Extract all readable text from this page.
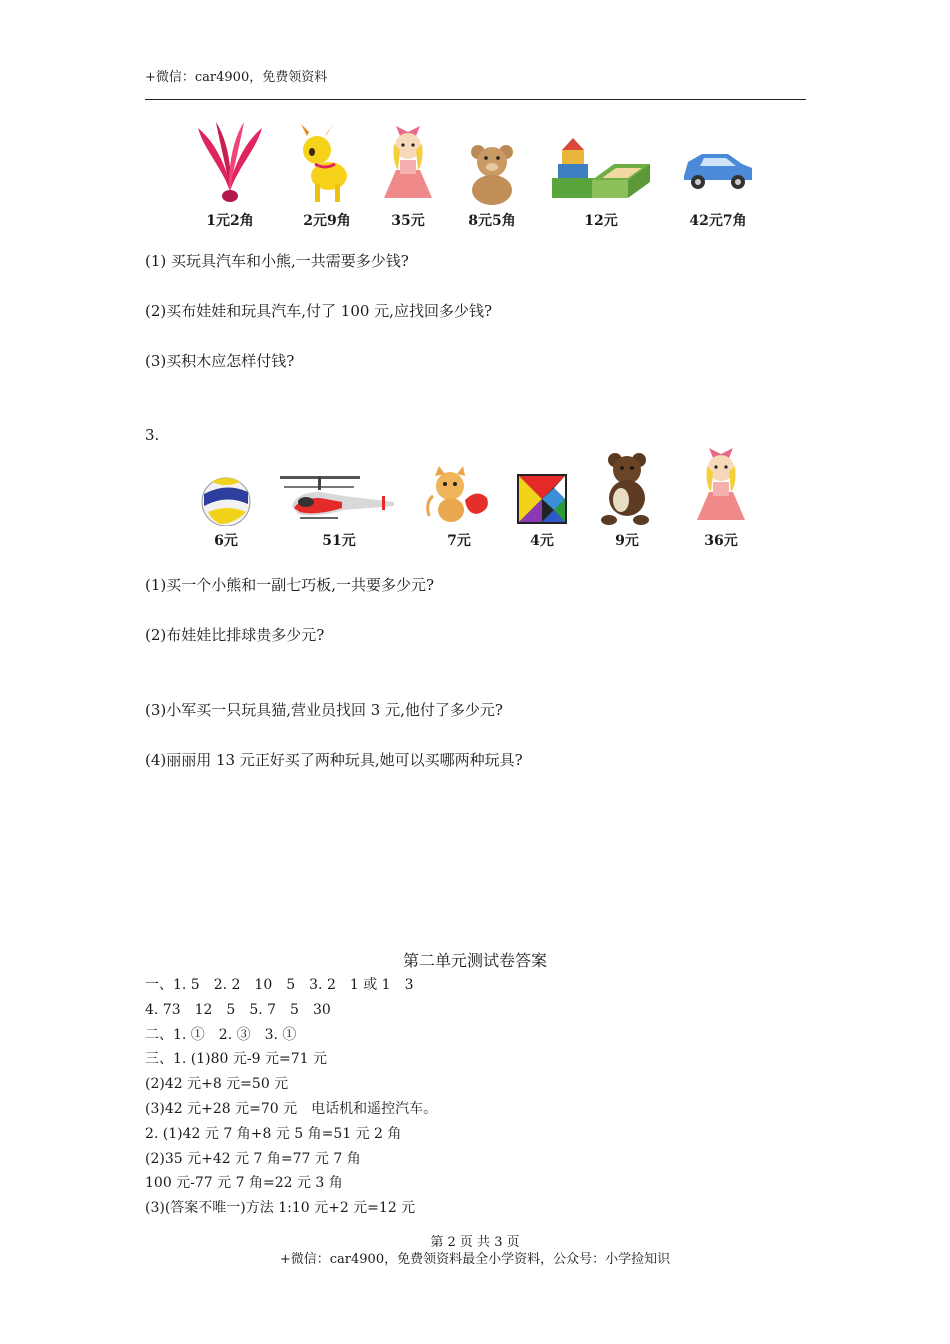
+微信：car4900，免费领资料
1元2角	2元9角	35元	8元5角	12元	42元7角
(1) 买玩具汽车和小熊,一共需要多少钱?
(2)买布娃娃和玩具汽车,付了 100 元,应找回多少钱?
(3)买积木应怎样付钱?
3.
6元	51元	7元	4元	9元	36元
(1)买一个小熊和一副七巧板,一共要多少元?
(2)布娃娃比排球贵多少元?
(3)小军买一只玩具猫,营业员找回 3 元,他付了多少元?
(4)丽丽用 13 元正好买了两种玩具,她可以买哪两种玩具?
第二单元测试卷答案
一、1. 5　2. 2　10　5　3. 2　1 或 1　3
4. 73　12　5　5. 7　5　30
二、1. ①　2. ③　3. ①
三、1. (1)80 元-9 元=71 元
(2)42 元+8 元=50 元
(3)42 元+28 元=70 元　电话机和遥控汽车。
2. (1)42 元 7 角+8 元 5 角=51 元 2 角
(2)35 元+42 元 7 角=77 元 7 角
100 元-77 元 7 角=22 元 3 角
(3)(答案不唯一)方法 1:10 元+2 元=12 元
第 2 页 共 3 页
+微信：car4900，免费领资料最全小学资料，公众号：小学捡知识
